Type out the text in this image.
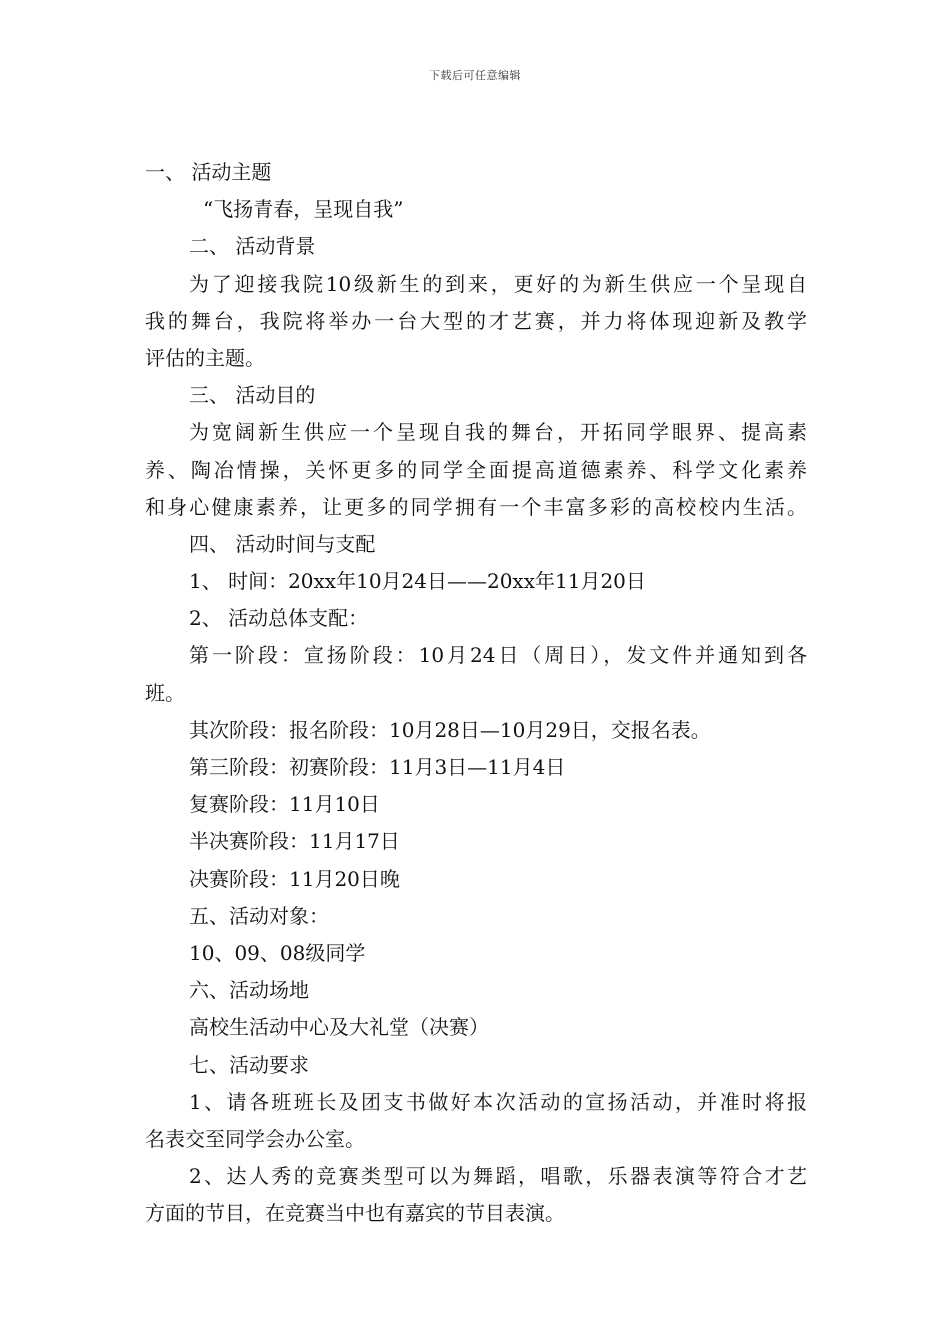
下载后可任意编辑
一、 活动主题
“飞扬青春，呈现自我”
二、 活动背景
为了迎接我院10级新生的到来，更好的为新生供应一个呈现自
我的舞台，我院将举办一台大型的才艺赛，并力将体现迎新及教学
评估的主题。
三、 活动目的
为宽阔新生供应一个呈现自我的舞台，开拓同学眼界、提高素
养、陶冶情操，关怀更多的同学全面提高道德素养、科学文化素养
和身心健康素养，让更多的同学拥有一个丰富多彩的高校校内生活。
四、 活动时间与支配
1、 时间：20xx年10月24日——20xx年11月20日
2、 活动总体支配：
第一阶段：宣扬阶段：10月24日（周日），发文件并通知到各
班。
其次阶段：报名阶段：10月28日—10月29日，交报名表。
第三阶段：初赛阶段：11月3日—11月4日
复赛阶段：11月10日
半决赛阶段：11月17日
决赛阶段：11月20日晚
五、活动对象：
10、09、08级同学
六、活动场地
高校生活动中心及大礼堂（决赛）
七、活动要求
1、请各班班长及团支书做好本次活动的宣扬活动，并准时将报
名表交至同学会办公室。
2、达人秀的竞赛类型可以为舞蹈，唱歌，乐器表演等符合才艺
方面的节目，在竞赛当中也有嘉宾的节目表演。
